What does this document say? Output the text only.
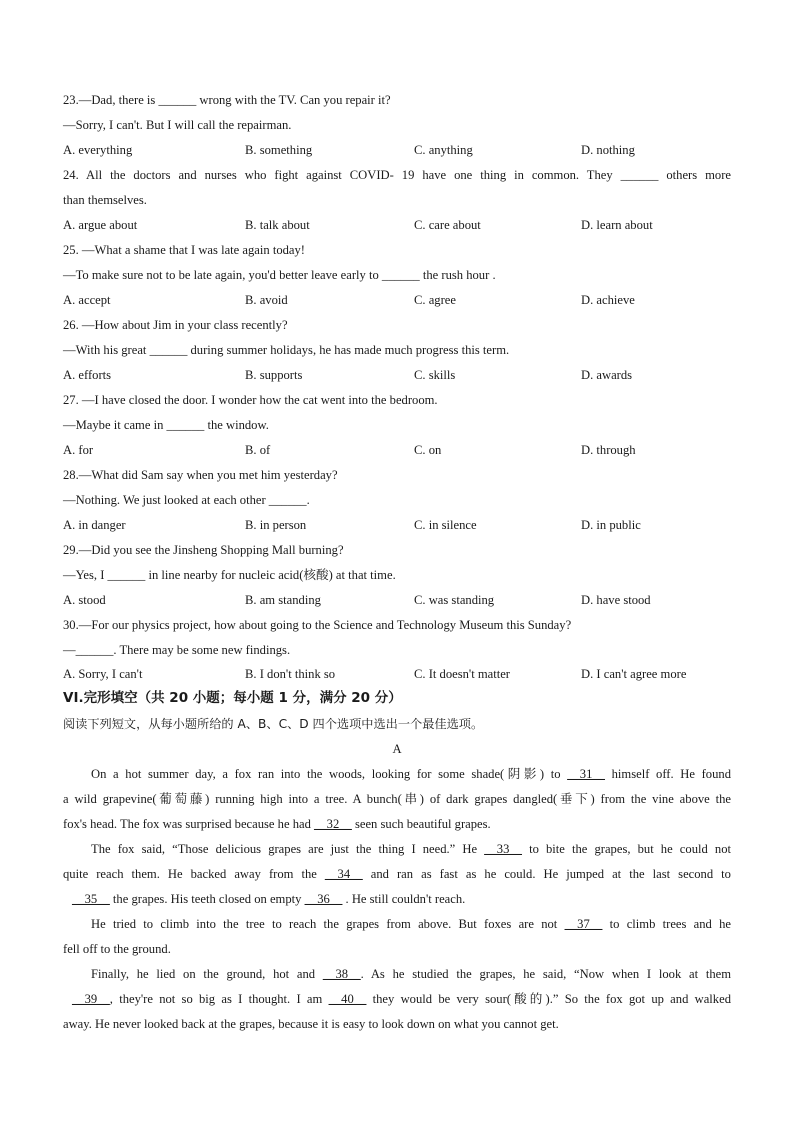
23.—Dad, there is ______ wrong with the TV. Can you repair it?
—Sorry, I can't. But I will call the repairman.
A. everything	B. something	C. anything	D. nothing
24. All the doctors and nurses who fight against COVID- 19 have one thing in common. They ______ others more
than themselves.
A. argue about	B. talk about	C. care about	D. learn about
25. —What a shame that I was late again today!
—To make sure not to be late again, you'd better leave early to ______ the rush hour .
A. accept	B. avoid	C. agree	D. achieve
26. —How about Jim in your class recently?
—With his great ______ during summer holidays, he has made much progress this term.
A. efforts	B. supports	C. skills	D. awards
27. —I have closed the door. I wonder how the cat went into the bedroom.
—Maybe it came in ______ the window.
A. for	B. of	C. on	D. through
28.—What did Sam say when you met him yesterday?
—Nothing. We just looked at each other ______.
A. in danger	B. in person	C. in silence	D. in public
29.—Did you see the Jinsheng Shopping Mall burning?
—Yes, I ______ in line nearby for nucleic acid(核酸) at that time.
A. stood	B. am standing	C. was standing	D. have stood
30.—For our physics project, how about going to the Science and Technology Museum this Sunday?
—______. There may be some new findings.
A. Sorry, I can't	B. I don't think so	C. It doesn't matter	D. I can't agree more
VI.完形填空（共 20 小题；每小题 1 分，满分 20 分）
阅读下列短文，从每小题所给的 A、B、C、D 四个选项中选出一个最佳选项。
A
On a hot summer day, a fox ran into the woods, looking for some shade(阴影) to __31__ himself off. He found
a wild grapevine(葡萄藤) running high into a tree. A bunch(串) of dark grapes dangled(垂下) from the vine above the
fox's head. The fox was surprised because he had __32__ seen such beautiful grapes.
The fox said, “Those delicious grapes are just the thing I need.” He __33__ to bite the grapes, but he could not
quite reach them. He backed away from the __34__ and ran as fast as he could. He jumped at the last second to
__35__ the grapes. His teeth closed on empty __36__ . He still couldn't reach.
He tried to climb into the tree to reach the grapes from above. But foxes are not __37__ to climb trees and he
fell off to the ground.
Finally, he lied on the ground, hot and __38__. As he studied the grapes, he said, “Now when I look at them
__39__, they're not so big as I thought. I am __40__ they would be very sour(酸的).” So the fox got up and walked
away. He never looked back at the grapes, because it is easy to look down on what you cannot get.
